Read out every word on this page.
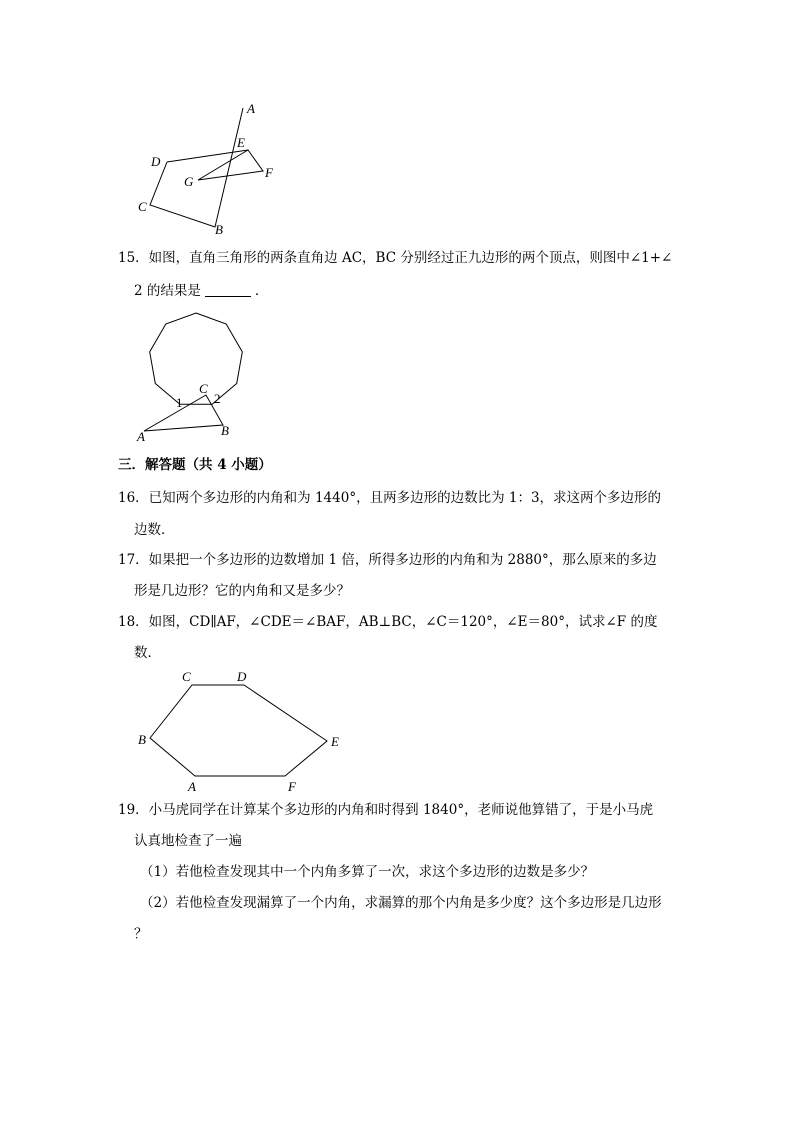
A
E
D
F
G
C
B
15．如图，直角三角形的两条直角边 AC，BC 分别经过正九边形的两个顶点，则图中∠1+∠
2 的结果是	．
C
1 2
A	B
三．解答题（共 4 小题）
16．已知两个多边形的内角和为 1440°，且两多边形的边数比为 1：3，求这两个多边形的
边数．
17．如果把一个多边形的边数增加 1 倍，所得多边形的内角和为 2880°，那么原来的多边
形是几边形？它的内角和又是多少？
18．如图，CD∥AF，∠CDE＝∠BAF，AB⊥BC，∠C＝120°，∠E＝80°，试求∠F 的度
数．
C	D
B	E
A	F
19．小马虎同学在计算某个多边形的内角和时得到 1840°，老师说他算错了，于是小马虎
认真地检查了一遍
（1）若他检查发现其中一个内角多算了一次，求这个多边形的边数是多少？
（2）若他检查发现漏算了一个内角，求漏算的那个内角是多少度？这个多边形是几边形
？
